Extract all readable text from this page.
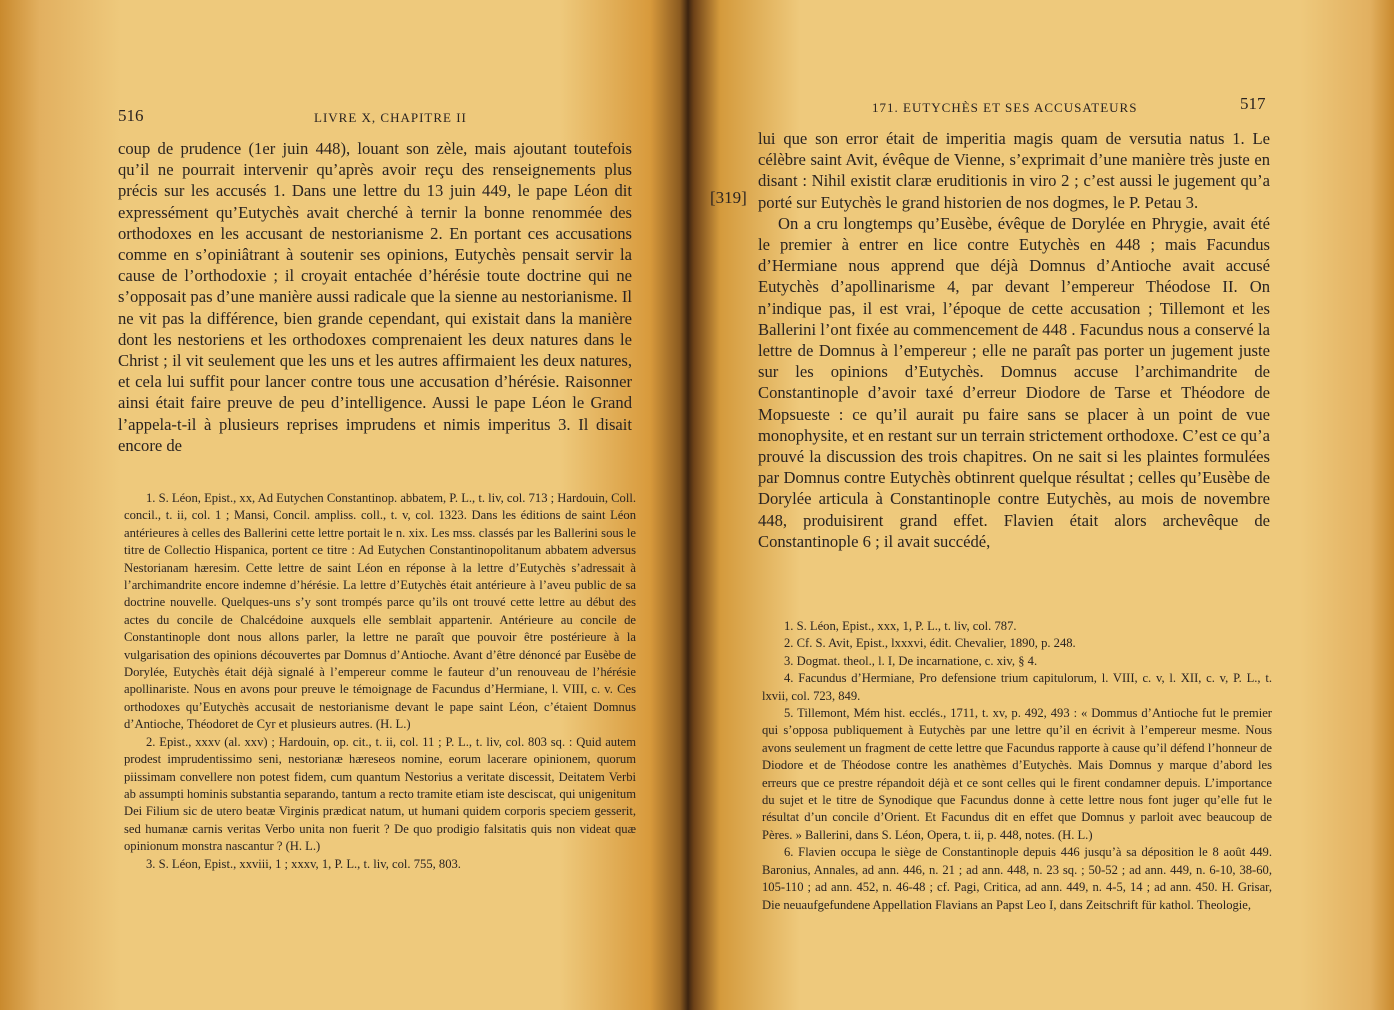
516	LIVRE X, CHAPITRE II

coup de prudence (1er juin 448), louant son zèle, mais ajoutant toutefois qu’il ne pourrait intervenir qu’après avoir reçu des renseignements plus précis sur les accusés 1. Dans une lettre du 13 juin 449, le pape Léon dit expressément qu’Eutychès avait cherché à ternir la bonne renommée des orthodoxes en les accusant de nestorianisme 2. En portant ces accusations comme en s’opiniâtrant à soutenir ses opinions, Eutychès pensait servir la cause de l’orthodoxie ; il croyait entachée d’hérésie toute doctrine qui ne s’opposait pas d’une manière aussi radicale que la sienne au nestorianisme. Il ne vit pas la différence, bien grande cependant, qui existait dans la manière dont les nestoriens et les orthodoxes comprenaient les deux natures dans le Christ ; il vit seulement que les uns et les autres affirmaient les deux natures, et cela lui suffit pour lancer contre tous une accusation d’hérésie. Raisonner ainsi était faire preuve de peu d’intelligence. Aussi le pape Léon le Grand l’appela-t-il à plusieurs reprises imprudens et nimis imperitus 3. Il disait encore de

1. S. Léon, Epist., xx, Ad Eutychen Constantinop. abbatem, P. L., t. liv, col. 713 ; Hardouin, Coll. concil., t. ii, col. 1 ; Mansi, Concil. ampliss. coll., t. v, col. 1323. Dans les éditions de saint Léon antérieures à celles des Ballerini cette lettre portait le n. xix. Les mss. classés par les Ballerini sous le titre de Collectio Hispanica, portent ce titre : Ad Eutychen Constantinopolitanum abbatem adversus Nestorianam hæresim. Cette lettre de saint Léon en réponse à la lettre d’Eutychès s’adressait à l’archimandrite encore indemne d’hérésie. La lettre d’Eutychès était antérieure à l’aveu public de sa doctrine nouvelle. Quelques-uns s’y sont trompés parce qu’ils ont trouvé cette lettre au début des actes du concile de Chalcédoine auxquels elle semblait appartenir. Antérieure au concile de Constantinople dont nous allons parler, la lettre ne paraît que pouvoir être postérieure à la vulgarisation des opinions découvertes par Domnus d’Antioche. Avant d’être dénoncé par Eusèbe de Dorylée, Eutychès était déjà signalé à l’empereur comme le fauteur d’un renouveau de l’hérésie apollinariste. Nous en avons pour preuve le témoignage de Facundus d’Hermiane, l. VIII, c. v. Ces orthodoxes qu’Eutychès accusait de nestorianisme devant le pape saint Léon, c’étaient Domnus d’Antioche, Théodoret de Cyr et plusieurs autres. (H. L.)

2. Epist., xxxv (al. xxv) ; Hardouin, op. cit., t. ii, col. 11 ; P. L., t. liv, col. 803 sq. : Quid autem prodest imprudentissimo seni, nestorianæ hæreseos nomine, eorum lacerare opinionem, quorum piissimam convellere non potest fidem, cum quantum Nestorius a veritate discessit, Deitatem Verbi ab assumpti hominis substantia separando, tantum a recto tramite etiam iste desciscat, qui unigenitum Dei Filium sic de utero beatæ Virginis prædicat natum, ut humani quidem corporis speciem gesserit, sed humanæ carnis veritas Verbo unita non fuerit ? De quo prodigio falsitatis quis non videat quæ opinionum monstra nascantur ? (H. L.)

3. S. Léon, Epist., xxviii, 1 ; xxxv, 1, P. L., t. liv, col. 755, 803.

171. EUTYCHÈS ET SES ACCUSATEURS	517
[319]

lui que son error était de imperitia magis quam de versutia natus 1. Le célèbre saint Avit, évêque de Vienne, s’exprimait d’une manière très juste en disant : Nihil existit claræ eruditionis in viro 2 ; c’est aussi le jugement qu’a porté sur Eutychès le grand historien de nos dogmes, le P. Petau 3.

On a cru longtemps qu’Eusèbe, évêque de Dorylée en Phrygie, avait été le premier à entrer en lice contre Eutychès en 448 ; mais Facundus d’Hermiane nous apprend que déjà Domnus d’Antioche avait accusé Eutychès d’apollinarisme 4, par devant l’empereur Théodose II. On n’indique pas, il est vrai, l’époque de cette accusation ; Tillemont et les Ballerini l’ont fixée au commencement de 448 . Facundus nous a conservé la lettre de Domnus à l’empereur ; elle ne paraît pas porter un jugement juste sur les opinions d’Eutychès. Domnus accuse l’archimandrite de Constantinople d’avoir taxé d’erreur Diodore de Tarse et Théodore de Mopsueste : ce qu’il aurait pu faire sans se placer à un point de vue monophysite, et en restant sur un terrain strictement orthodoxe. C’est ce qu’a prouvé la discussion des trois chapitres. On ne sait si les plaintes formulées par Domnus contre Eutychès obtinrent quelque résultat ; celles qu’Eusèbe de Dorylée articula à Constantinople contre Eutychès, au mois de novembre 448, produisirent grand effet. Flavien était alors archevêque de Constantinople 6 ; il avait succédé,

1. S. Léon, Epist., xxx, 1, P. L., t. liv, col. 787.

2. Cf. S. Avit, Epist., lxxxvi, édit. Chevalier, 1890, p. 248.

3. Dogmat. theol., l. I, De incarnatione, c. xiv, § 4.

4. Facundus d’Hermiane, Pro defensione trium capitulorum, l. VIII, c. v, l. XII, c. v, P. L., t. lxvii, col. 723, 849.

5. Tillemont, Mém hist. ecclés., 1711, t. xv, p. 492, 493 : « Dommus d’Antioche fut le premier qui s’opposa publiquement à Eutychès par une lettre qu’il en écrivit à l’empereur mesme. Nous avons seulement un fragment de cette lettre que Facundus rapporte à cause qu’il défend l’honneur de Diodore et de Théodose contre les anathèmes d’Eutychès. Mais Domnus y marque d’abord les erreurs que ce prestre répandoit déjà et ce sont celles qui le firent condamner depuis. L’importance du sujet et le titre de Synodique que Facundus donne à cette lettre nous font juger qu’elle fut le résultat d’un concile d’Orient. Et Facundus dit en effet que Domnus y parloit avec beaucoup de Pères. » Ballerini, dans S. Léon, Opera, t. ii, p. 448, notes. (H. L.)

6. Flavien occupa le siège de Constantinople depuis 446 jusqu’à sa déposition le 8 août 449. Baronius, Annales, ad ann. 446, n. 21 ; ad ann. 448, n. 23 sq. ; 50-52 ; ad ann. 449, n. 6-10, 38-60, 105-110 ; ad ann. 452, n. 46-48 ; cf. Pagi, Critica, ad ann. 449, n. 4-5, 14 ; ad ann. 450. H. Grisar, Die neuaufgefundene Appellation Flavians an Papst Leo I, dans Zeitschrift für kathol. Theologie,
